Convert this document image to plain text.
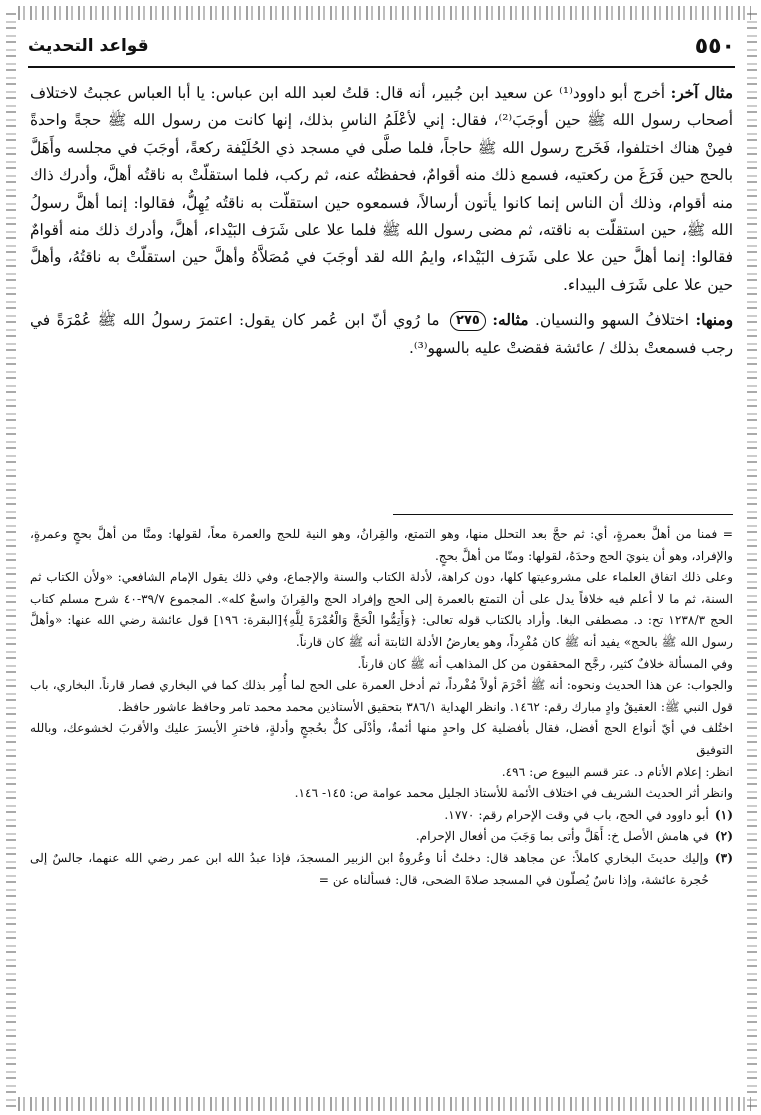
٥٥٠
قواعد التحديث

مثال آخر: أخرج أبو داوود⁽¹⁾ عن سعيد ابن جُبير، أنه قال: قلتُ لعبد الله ابن عباس: يا أبا العباس عجبتُ لاختلاف أصحاب رسول الله ﷺ حين أوجَبَ⁽²⁾، فقال: إني لأعْلَمُ الناسِ بذلك، إنها كانت من رسول الله ﷺ حجةً واحدةً فمِنْ هناك اختلفوا، فَخَرج رسول الله ﷺ حاجاً، فلما صلَّى في مسجد ذي الحُلَيْفة ركعةً، أوجَبَ في مجلسه وأَهَلَّ بالحج حين فَرَغَ من ركعتيه، فسمع ذلك منه أقوامٌ، فحفظتُه عنه، ثم ركب، فلما استقلّتْ به ناقتُه أهلَّ، وأدرك ذاك منه أقوام، وذلك أن الناس إنما كانوا يأتون أرسالاً، فسمعوه حين استقلّت به ناقتُه يُهِلُّ، فقالوا: إنما أهلَّ رسولُ الله ﷺ، حين استقلّت به ناقته، ثم مضى رسول الله ﷺ فلما علا على شَرَف البَيْداء، أهلَّ، وأدرك ذلك منه أقوامٌ فقالوا: إنما أهلَّ حين علا على شَرَف البَيْداء، وايمُ الله لقد أوجَبَ في مُصَلاَّهُ وأهلَّ حين استقلّتْ به ناقتُهُ، وأهلَّ حين علا على شَرَف البيداء.

ومنها: اختلافُ السهو والنسيان. مثاله: ٢٧٥ ما رُوي أنّ ابن عُمر كان يقول: اعتمرَ رسولُ الله ﷺ عُمْرَةً في رجب فسمعتْ بذلك / عائشة فقضتْ عليه بالسهو⁽³⁾.

= فمنا من أهلَّ بعمرةٍ، أي: ثم حجَّ بعد التحلل منها، وهو التمتع، والقِرانُ، وهو النية للحج والعمرة معاً، لقولها: ومنَّا من أهلَّ بحجٍ وعمرةٍ، والإفراد، وهو أن ينويَ الحج وحدَهُ، لقولها: ومنّا من أهلَّ بحجٍ.

وعلى ذلك اتفاق العلماء على مشروعيتها كلها، دون كراهة، لأدلة الكتاب والسنة والإجماع، وفي ذلك يقول الإمام الشافعي: «ولأن الكتاب ثم السنة، ثم ما لا أعلم فيه خلافاً يدل على أن التمتع بالعمرة إلى الحج وإفراد الحج والقِرانَ واسعٌ كله». المجموع ٣٩/٧-٤٠ شرح مسلم كتاب الحج ١٢٣٨/٣ تح: د. مصطفى البغا. وأراد بالكتاب قوله تعالى: ﴿وَأَتِمُّوا الْحَجَّ وَالْعُمْرَةَ لِلَّهِ﴾[البقرة: ١٩٦] قول عائشة رضي الله عنها: «وأهلَّ رسول الله ﷺ بالحج» يفيد أنه ﷺ كان مُفْرِداً، وهو يعارضُ الأدلة الثابتة أنه ﷺ كان قارناً.

وفي المسألة خلافٌ كثير، رجَّح المحققون من كل المذاهب أنه ﷺ كان قارناً.

والجواب: عن هذا الحديث ونحوه: أنه ﷺ أحْرَمَ أولاً مُفْرداً، ثم أدخل العمرة على الحج لما أُمِر بذلك كما في البخاري فصار قارناً. البخاري، باب قول النبي ﷺ: العقيقُ وادٍ مبارك رقم: ١٤٦٢. وانظر الهداية ٣٨٦/١ بتحقيق الأستاذين محمد محمد تامر وحافظ عاشور حافظ.

اختُلف في أيّ أنواع الحج أفضل، فقال بأفضلية كل واحدٍ منها أئمةٌ، وأدْلَى كلٌّ بحُججٍ وأدلةٍ، فاخترِ الأيسرَ عليك والأقربَ لخشوعك، وبالله التوفيق

انظر: إعلام الأنام د. عتر قسم البيوع ص: ٤٩٦.

وانظر أثر الحديث الشريف في اختلاف الأئمة للأستاذ الجليل محمد عوامة ص: ١٤٥- ١٤٦.

(١)
أبو داوود في الحج، باب في وقت الإحرام رقم: ١٧٧٠.
(٢)
في هامش الأصل خ: أَهَلَّ وأتى بما وَجَبَ من أفعال الإحرام.
(٣)
وإليك حديثَ البخاري كاملاً: عن مجاهد قال: دخلتُ أنا وعُروةُ ابن الزبير المسجدَ، فإذا عبدُ الله ابن عمر رضي الله عنهما، جالسٌ إلى حُجرة عائشة، وإذا ناسٌ يُصلّون في المسجد صلاةَ الضحى، قال: فسألناه عن =
